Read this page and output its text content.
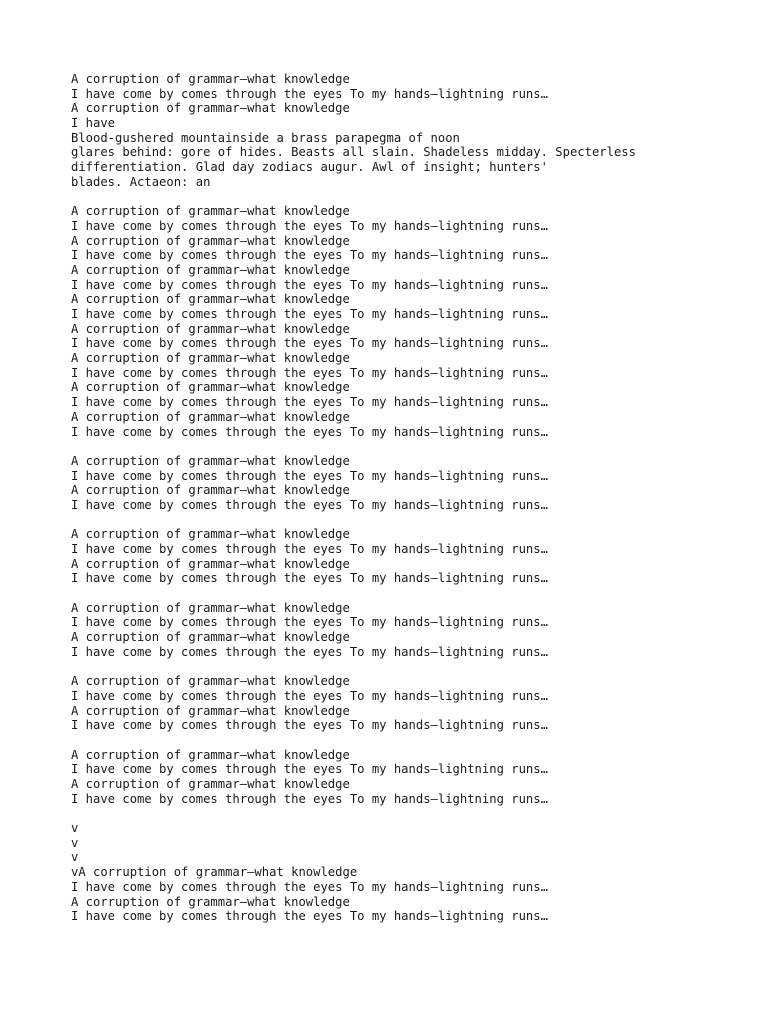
A corruption of grammar—what knowledge
I have come by comes through the eyes To my hands—lightning runs…
A corruption of grammar—what knowledge
I have
Blood-gushered mountainside a brass parapegma of noon
glares behind: gore of hides. Beasts all slain. Shadeless midday. Specterless
differentiation. Glad day zodiacs augur. Awl of insight; hunters'
blades. Actaeon: an
A corruption of grammar—what knowledge
I have come by comes through the eyes To my hands—lightning runs…
A corruption of grammar—what knowledge
I have come by comes through the eyes To my hands—lightning runs…
A corruption of grammar—what knowledge
I have come by comes through the eyes To my hands—lightning runs…
A corruption of grammar—what knowledge
I have come by comes through the eyes To my hands—lightning runs…
A corruption of grammar—what knowledge
I have come by comes through the eyes To my hands—lightning runs…
A corruption of grammar—what knowledge
I have come by comes through the eyes To my hands—lightning runs…
A corruption of grammar—what knowledge
I have come by comes through the eyes To my hands—lightning runs…
A corruption of grammar—what knowledge
I have come by comes through the eyes To my hands—lightning runs…
A corruption of grammar—what knowledge
I have come by comes through the eyes To my hands—lightning runs…
A corruption of grammar—what knowledge
I have come by comes through the eyes To my hands—lightning runs…
A corruption of grammar—what knowledge
I have come by comes through the eyes To my hands—lightning runs…
A corruption of grammar—what knowledge
I have come by comes through the eyes To my hands—lightning runs…
A corruption of grammar—what knowledge
I have come by comes through the eyes To my hands—lightning runs…
A corruption of grammar—what knowledge
I have come by comes through the eyes To my hands—lightning runs…
A corruption of grammar—what knowledge
I have come by comes through the eyes To my hands—lightning runs…
A corruption of grammar—what knowledge
I have come by comes through the eyes To my hands—lightning runs…
A corruption of grammar—what knowledge
I have come by comes through the eyes To my hands—lightning runs…
A corruption of grammar—what knowledge
I have come by comes through the eyes To my hands—lightning runs…
v
v
v
vA corruption of grammar—what knowledge
I have come by comes through the eyes To my hands—lightning runs…
A corruption of grammar—what knowledge
I have come by comes through the eyes To my hands—lightning runs…
